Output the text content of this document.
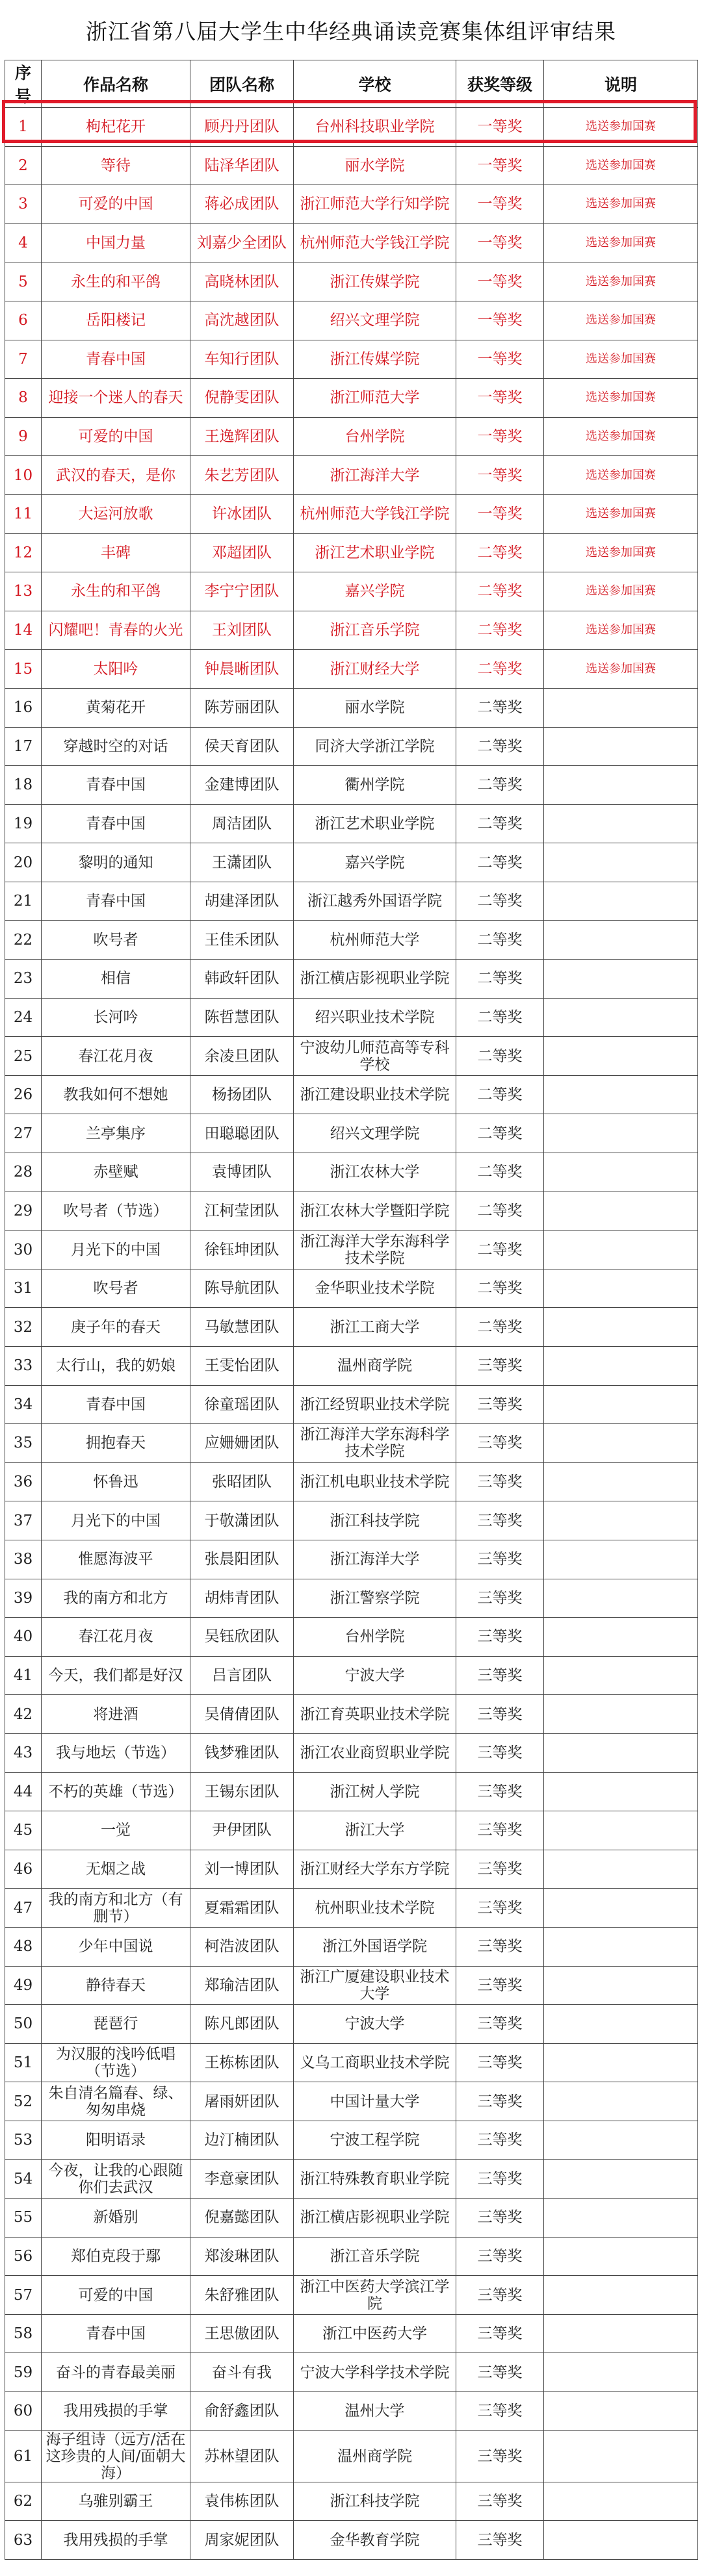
浙江省第八届大学生中华经典诵读竞赛集体组评审结果
序号	作品名称	团队名称	学校	获奖等级	说明
1	枸杞花开	顾丹丹团队	台州科技职业学院	一等奖	选送参加国赛
2	等待	陆泽华团队	丽水学院	一等奖	选送参加国赛
3	可爱的中国	蒋必成团队	浙江师范大学行知学院	一等奖	选送参加国赛
4	中国力量	刘嘉少全团队	杭州师范大学钱江学院	一等奖	选送参加国赛
5	永生的和平鸽	高晓林团队	浙江传媒学院	一等奖	选送参加国赛
6	岳阳楼记	高沈越团队	绍兴文理学院	一等奖	选送参加国赛
7	青春中国	车知行团队	浙江传媒学院	一等奖	选送参加国赛
8	迎接一个迷人的春天	倪静雯团队	浙江师范大学	一等奖	选送参加国赛
9	可爱的中国	王逸辉团队	台州学院	一等奖	选送参加国赛
10	武汉的春天，是你	朱艺芳团队	浙江海洋大学	一等奖	选送参加国赛
11	大运河放歌	许冰团队	杭州师范大学钱江学院	一等奖	选送参加国赛
12	丰碑	邓超团队	浙江艺术职业学院	二等奖	选送参加国赛
13	永生的和平鸽	李宁宁团队	嘉兴学院	二等奖	选送参加国赛
14	闪耀吧！青春的火光	王刘团队	浙江音乐学院	二等奖	选送参加国赛
15	太阳吟	钟晨晰团队	浙江财经大学	二等奖	选送参加国赛
16	黄菊花开	陈芳丽团队	丽水学院	二等奖	
17	穿越时空的对话	侯天育团队	同济大学浙江学院	二等奖	
18	青春中国	金建博团队	衢州学院	二等奖	
19	青春中国	周洁团队	浙江艺术职业学院	二等奖	
20	黎明的通知	王潇团队	嘉兴学院	二等奖	
21	青春中国	胡建泽团队	浙江越秀外国语学院	二等奖	
22	吹号者	王佳禾团队	杭州师范大学	二等奖	
23	相信	韩政轩团队	浙江横店影视职业学院	二等奖	
24	长河吟	陈哲慧团队	绍兴职业技术学院	二等奖	
25	春江花月夜	余凌旦团队	宁波幼儿师范高等专科学校	二等奖	
26	教我如何不想她	杨扬团队	浙江建设职业技术学院	二等奖	
27	兰亭集序	田聪聪团队	绍兴文理学院	二等奖	
28	赤壁赋	袁博团队	浙江农林大学	二等奖	
29	吹号者（节选）	江柯莹团队	浙江农林大学暨阳学院	二等奖	
30	月光下的中国	徐钰坤团队	浙江海洋大学东海科学技术学院	二等奖	
31	吹号者	陈导航团队	金华职业技术学院	二等奖	
32	庚子年的春天	马敏慧团队	浙江工商大学	二等奖	
33	太行山，我的奶娘	王雯怡团队	温州商学院	三等奖	
34	青春中国	徐童瑶团队	浙江经贸职业技术学院	三等奖	
35	拥抱春天	应姗姗团队	浙江海洋大学东海科学技术学院	三等奖	
36	怀鲁迅	张昭团队	浙江机电职业技术学院	三等奖	
37	月光下的中国	于敬潇团队	浙江科技学院	三等奖	
38	惟愿海波平	张晨阳团队	浙江海洋大学	三等奖	
39	我的南方和北方	胡炜青团队	浙江警察学院	三等奖	
40	春江花月夜	吴钰欣团队	台州学院	三等奖	
41	今天，我们都是好汉	吕言团队	宁波大学	三等奖	
42	将进酒	吴倩倩团队	浙江育英职业技术学院	三等奖	
43	我与地坛（节选）	钱梦雅团队	浙江农业商贸职业学院	三等奖	
44	不朽的英雄（节选）	王锡东团队	浙江树人学院	三等奖	
45	一觉	尹伊团队	浙江大学	三等奖	
46	无烟之战	刘一博团队	浙江财经大学东方学院	三等奖	
47	我的南方和北方（有删节）	夏霜霜团队	杭州职业技术学院	三等奖	
48	少年中国说	柯浩波团队	浙江外国语学院	三等奖	
49	静待春天	郑瑜洁团队	浙江广厦建设职业技术大学	三等奖	
50	琵琶行	陈凡郎团队	宁波大学	三等奖	
51	为汉服的浅吟低唱（节选）	王栋栋团队	义乌工商职业技术学院	三等奖	
52	朱自清名篇春、绿、匆匆串烧	屠雨妍团队	中国计量大学	三等奖	
53	阳明语录	边汀楠团队	宁波工程学院	三等奖	
54	今夜，让我的心跟随你们去武汉	李意豪团队	浙江特殊教育职业学院	三等奖	
55	新婚别	倪嘉懿团队	浙江横店影视职业学院	三等奖	
56	郑伯克段于鄢	郑浚琳团队	浙江音乐学院	三等奖	
57	可爱的中国	朱舒雅团队	浙江中医药大学滨江学院	三等奖	
58	青春中国	王思傲团队	浙江中医药大学	三等奖	
59	奋斗的青春最美丽	奋斗有我	宁波大学科学技术学院	三等奖	
60	我用残损的手掌	俞舒鑫团队	温州大学	三等奖	
61	海子组诗（远方/活在这珍贵的人间/面朝大海）	苏林望团队	温州商学院	三等奖	
62	乌骓别霸王	袁伟栋团队	浙江科技学院	三等奖	
63	我用残损的手掌	周家妮团队	金华教育学院	三等奖	
